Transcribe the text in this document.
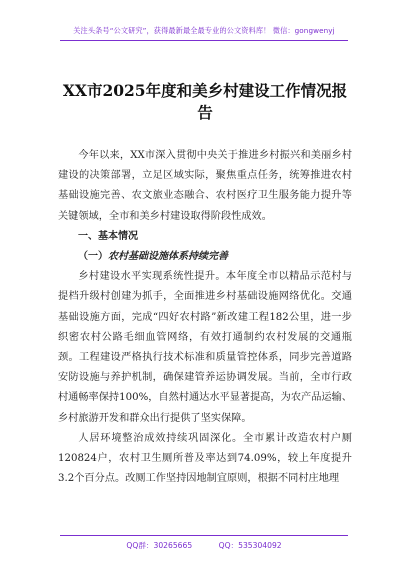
关注头条号“公文研究”，获得最新最全最专业的公文资料库！ 微信：gongwenyj
XX市2025年度和美乡村建设工作情况报告

今年以来，XX市深入贯彻中央关于推进乡村振兴和美丽乡村建设的决策部署，立足区域实际，聚焦重点任务，统筹推进农村基础设施完善、农文旅业态融合、农村医疗卫生服务能力提升等关键领域，全市和美乡村建设取得阶段性成效。

一、基本情况

（一）农村基础设施体系持续完善

乡村建设水平实现系统性提升。本年度全市以精品示范村与提档升级村创建为抓手，全面推进乡村基础设施网络优化。交通基础设施方面，完成“四好农村路”新改建工程182公里，进一步织密农村公路毛细血管网络，有效打通制约农村发展的交通瓶颈。工程建设严格执行技术标准和质量管控体系，同步完善道路安防设施与养护机制，确保建管养运协调发展。当前，全市行政村通畅率保持100%，自然村通达水平显著提高，为农产品运输、乡村旅游开发和群众出行提供了坚实保障。

人居环境整治成效持续巩固深化。全市累计改造农村户厕120824户，农村卫生厕所普及率达到74.09%，较上年度提升3.2个百分点。改厕工作坚持因地制宜原则，根据不同村庄地理

QQ群：30265665	QQ：535304092
